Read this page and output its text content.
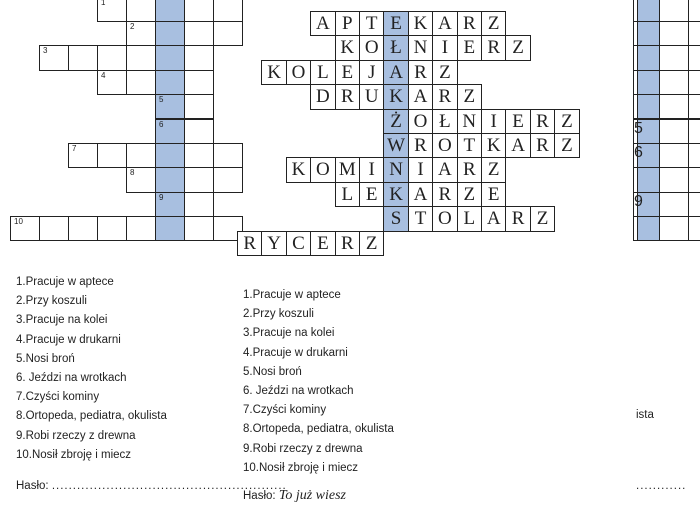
1
2
3
4
5
6
7
8
9
10
1.Pracuje w aptece
2.Przy koszuli
3.Pracuje na kolei
4.Pracuje w drukarni
5.Nosi broń
6. Jeździ na wrotkach
7.Czyści kominy
8.Ortopeda, pediatra, okulista
9.Robi rzeczy z drewna
10.Nosił zbroję i miecz
Hasło: ........................................................
A P T E K A R Z
K O Ł N I E R Z
K O L E J A R Z
D R U K A R Z
Ż O Ł N I E R Z
W R O T K A R Z
K O M I N I A R Z
L E K A R Z E
S T O L A R Z
R Y C E R Z
1.Pracuje w aptece
2.Przy koszuli
3.Pracuje na kolei
4.Pracuje w drukarni
5.Nosi broń
6. Jeździ na wrotkach
7.Czyści kominy
8.Ortopeda, pediatra, okulista
9.Robi rzeczy z drewna
10.Nosił zbroję i miecz
Hasło: To już wiesz
5
6
9
ista
............
